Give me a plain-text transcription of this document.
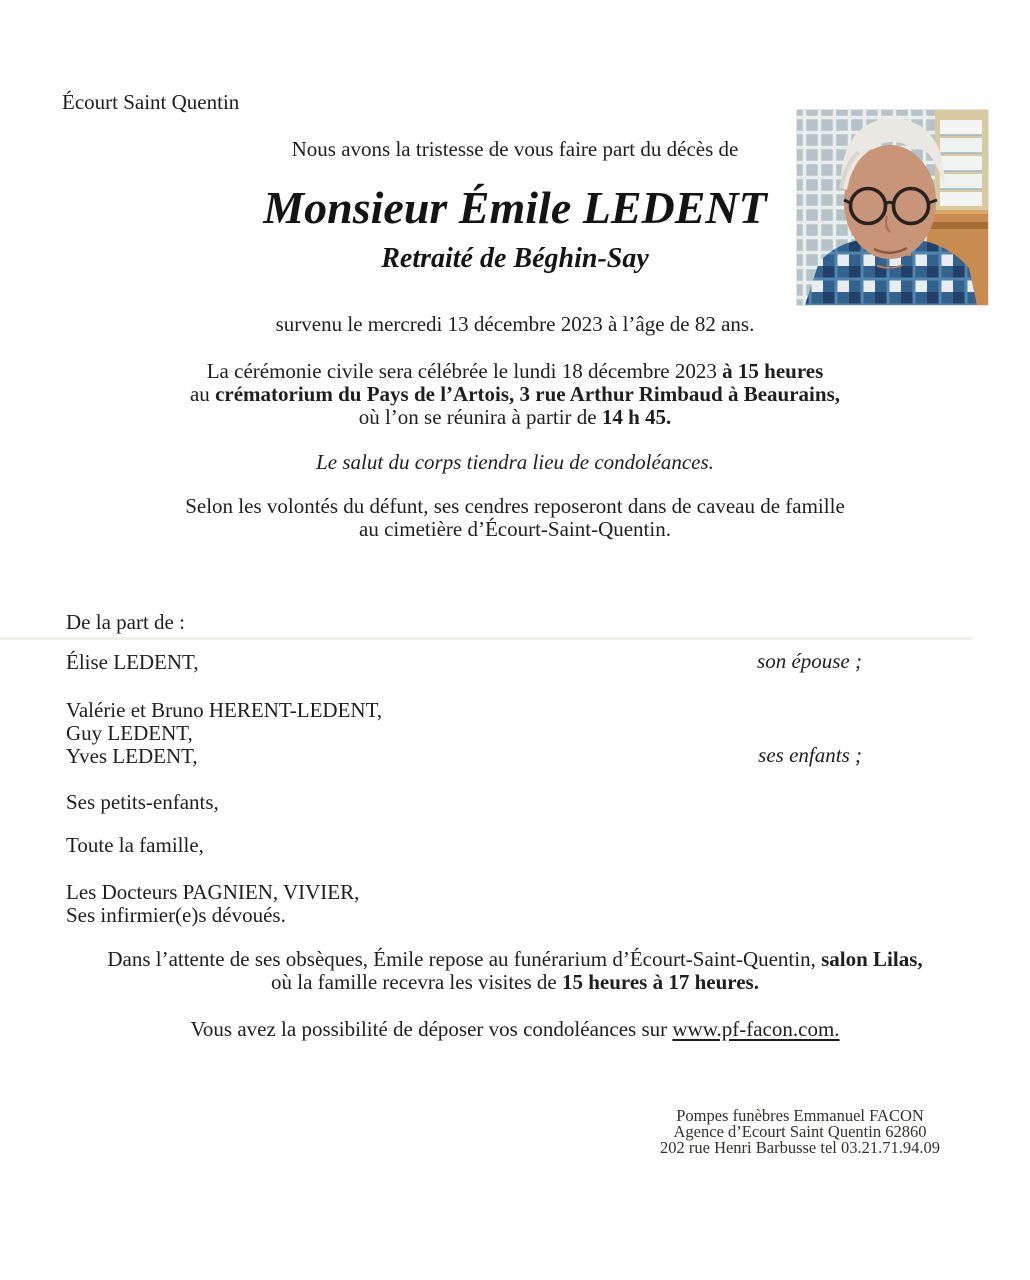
Écourt Saint Quentin
Nous avons la tristesse de vous faire part du décès de
Monsieur Émile LEDENT
Retraité de Béghin-Say
survenu le mercredi 13 décembre 2023 à l’âge de 82 ans.
La cérémonie civile sera célébrée le lundi 18 décembre 2023 à 15 heures
au crématorium du Pays de l’Artois, 3 rue Arthur Rimbaud à Beaurains,
où l’on se réunira à partir de 14 h 45.
Le salut du corps tiendra lieu de condoléances.
Selon les volontés du défunt, ses cendres reposeront dans de caveau de famille
au cimetière d’Écourt-Saint-Quentin.
De la part de :
Élise LEDENT,	son épouse ;
Valérie et Bruno HERENT-LEDENT,
Guy LEDENT,
Yves LEDENT,	ses enfants ;
Ses petits-enfants,
Toute la famille,
Les Docteurs PAGNIEN, VIVIER,
Ses infirmier(e)s dévoués.
Dans l’attente de ses obsèques, Émile repose au funérarium d’Écourt-Saint-Quentin, salon Lilas,
où la famille recevra les visites de 15 heures à 17 heures.
Vous avez la possibilité de déposer vos condoléances sur www.pf-facon.com.
Pompes funèbres Emmanuel FACON
Agence d’Ecourt Saint Quentin 62860
202 rue Henri Barbusse tel 03.21.71.94.09
